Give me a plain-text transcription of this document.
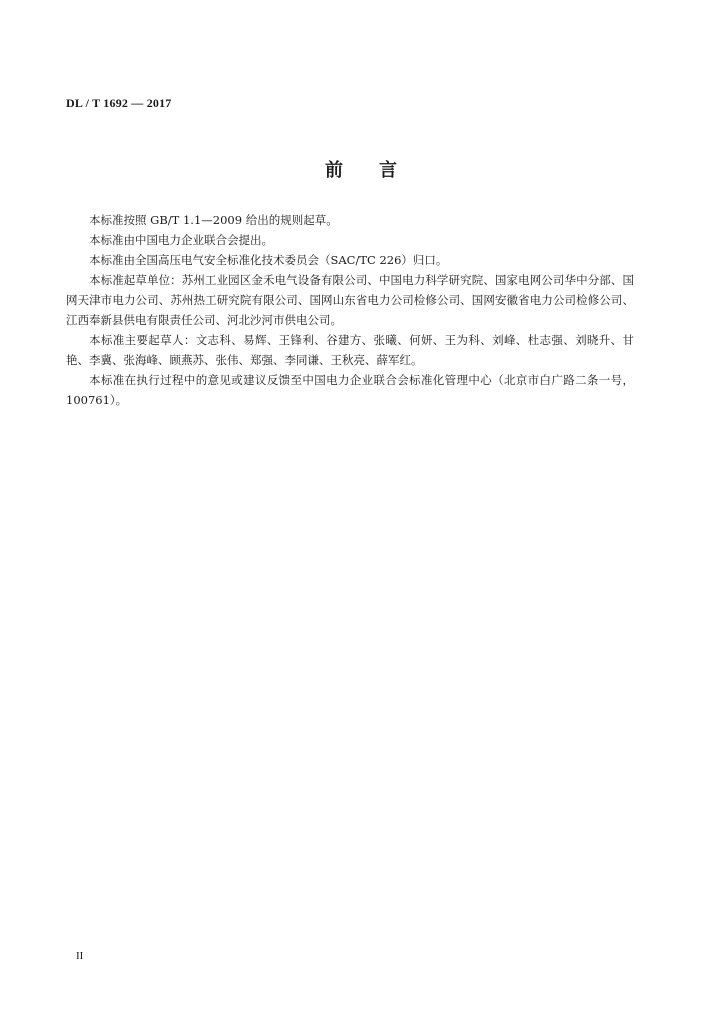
DL / T 1692 — 2017
前 言

本标准按照 GB/T 1.1—2009 给出的规则起草。

本标准由中国电力企业联合会提出。

本标准由全国高压电气安全标准化技术委员会（SAC/TC 226）归口。

本标准起草单位：苏州工业园区金禾电气设备有限公司、中国电力科学研究院、国家电网公司华中分部、国网天津市电力公司、苏州热工研究院有限公司、国网山东省电力公司检修公司、国网安徽省电力公司检修公司、江西奉新县供电有限责任公司、河北沙河市供电公司。

本标准主要起草人：文志科、易辉、王锋利、谷建方、张曦、何妍、王为科、刘峰、杜志强、刘晓升、甘艳、李冀、张海峰、顾燕苏、张伟、郑强、李同谦、王秋亮、薛军红。

本标准在执行过程中的意见或建议反馈至中国电力企业联合会标准化管理中心（北京市白广路二条一号，100761）。

II
